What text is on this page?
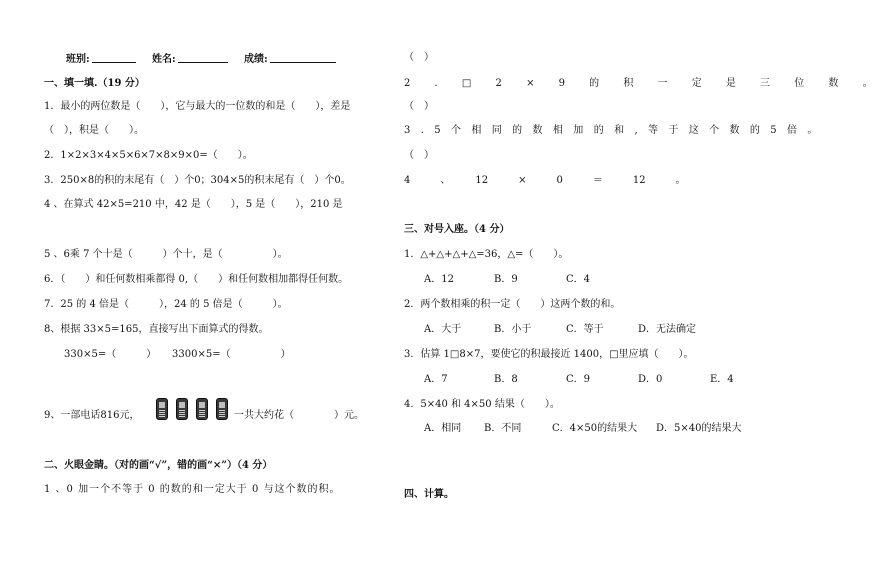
班别:	姓名:	成绩:
一、填一填.（19 分）
1．最小的两位数是（　　），它与最大的一位数的和是（　　），差是
（　），积是（　　）。
2．1×2×3×4×5×6×7×8×9×0=（　　）。
3．250×8的积的末尾有（　）个0；304×5的积末尾有（　）个0。
4 、在算式 42×5=210 中，42 是（　　），5 是（　　），210 是
5 、6乘 7 个十是（　　　）个十，是（　　　　　）。
6．（　　）和任何数相乘都得 0,（　　）和任何数相加都得任何数。
7．25 的 4 倍是（　　　），24 的 5 倍是（　　　）。
8、根据 33×5=165，直接写出下面算式的得数。
330×5=（　　　） 3300×5=（　　　　　）
9、一部电话816元，	一共大约花（　　　　）元。
二、火眼金睛。（对的画“√”，错的画“×”）（4 分）
1 、0 加一个不等于 0 的数的和一定大于 0 与这个数的积。
（　）
2 . □ 2 × 9 的 积 一 定 是 三 位 数 。
（　）
3 . 5 个 相 同 的 数 相 加 的 和 , 等 于 这 个 数 的 5 倍 。
（　）
4　　　、　　　12　　　×　　　0　　　＝　　　12　　　。
三、对号入座。（4 分）
1．△+△+△+△=36，△=（　　）。
A．12	B．9	C．4
2．两个数相乘的积一定（　　）这两个数的和。
A．大于	B．小于	C．等于	D．无法确定
3．估算 1□8×7，要使它的积最接近 1400，□里应填（　　）。
A．7	B．8	C．9	D．0	E．4
4．5×40 和 4×50 结果（　　）。
A．相同 B．不同	C．4×50的结果大 D．5×40的结果大
四、计算。
